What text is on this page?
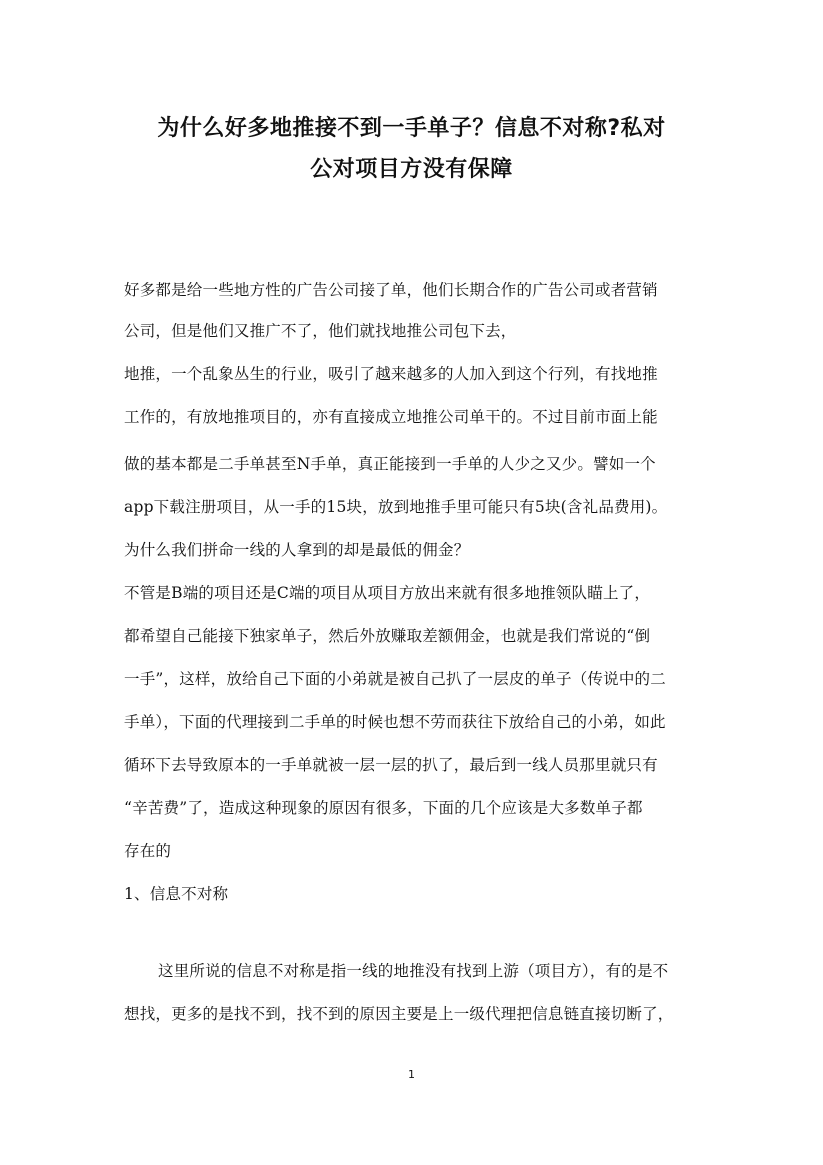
为什么好多地推接不到一手单子？信息不对称?私对
公对项目方没有保障
好多都是给一些地方性的广告公司接了单，他们长期合作的广告公司或者营销
公司，但是他们又推广不了，他们就找地推公司包下去，
地推，一个乱象丛生的行业，吸引了越来越多的人加入到这个行列，有找地推
工作的，有放地推项目的，亦有直接成立地推公司单干的。不过目前市面上能
做的基本都是二手单甚至N手单，真正能接到一手单的人少之又少。譬如一个
app下载注册项目，从一手的15块，放到地推手里可能只有5块(含礼品费用)。
为什么我们拼命一线的人拿到的却是最低的佣金？
不管是B端的项目还是C端的项目从项目方放出来就有很多地推领队瞄上了，
都希望自己能接下独家单子，然后外放赚取差额佣金，也就是我们常说的“倒
一手”，这样，放给自己下面的小弟就是被自己扒了一层皮的单子（传说中的二
手单），下面的代理接到二手单的时候也想不劳而获往下放给自己的小弟，如此
循环下去导致原本的一手单就被一层一层的扒了，最后到一线人员那里就只有
“辛苦费”了，造成这种现象的原因有很多，下面的几个应该是大多数单子都
存在的
1、信息不对称
这里所说的信息不对称是指一线的地推没有找到上游（项目方），有的是不
想找，更多的是找不到，找不到的原因主要是上一级代理把信息链直接切断了，
1
